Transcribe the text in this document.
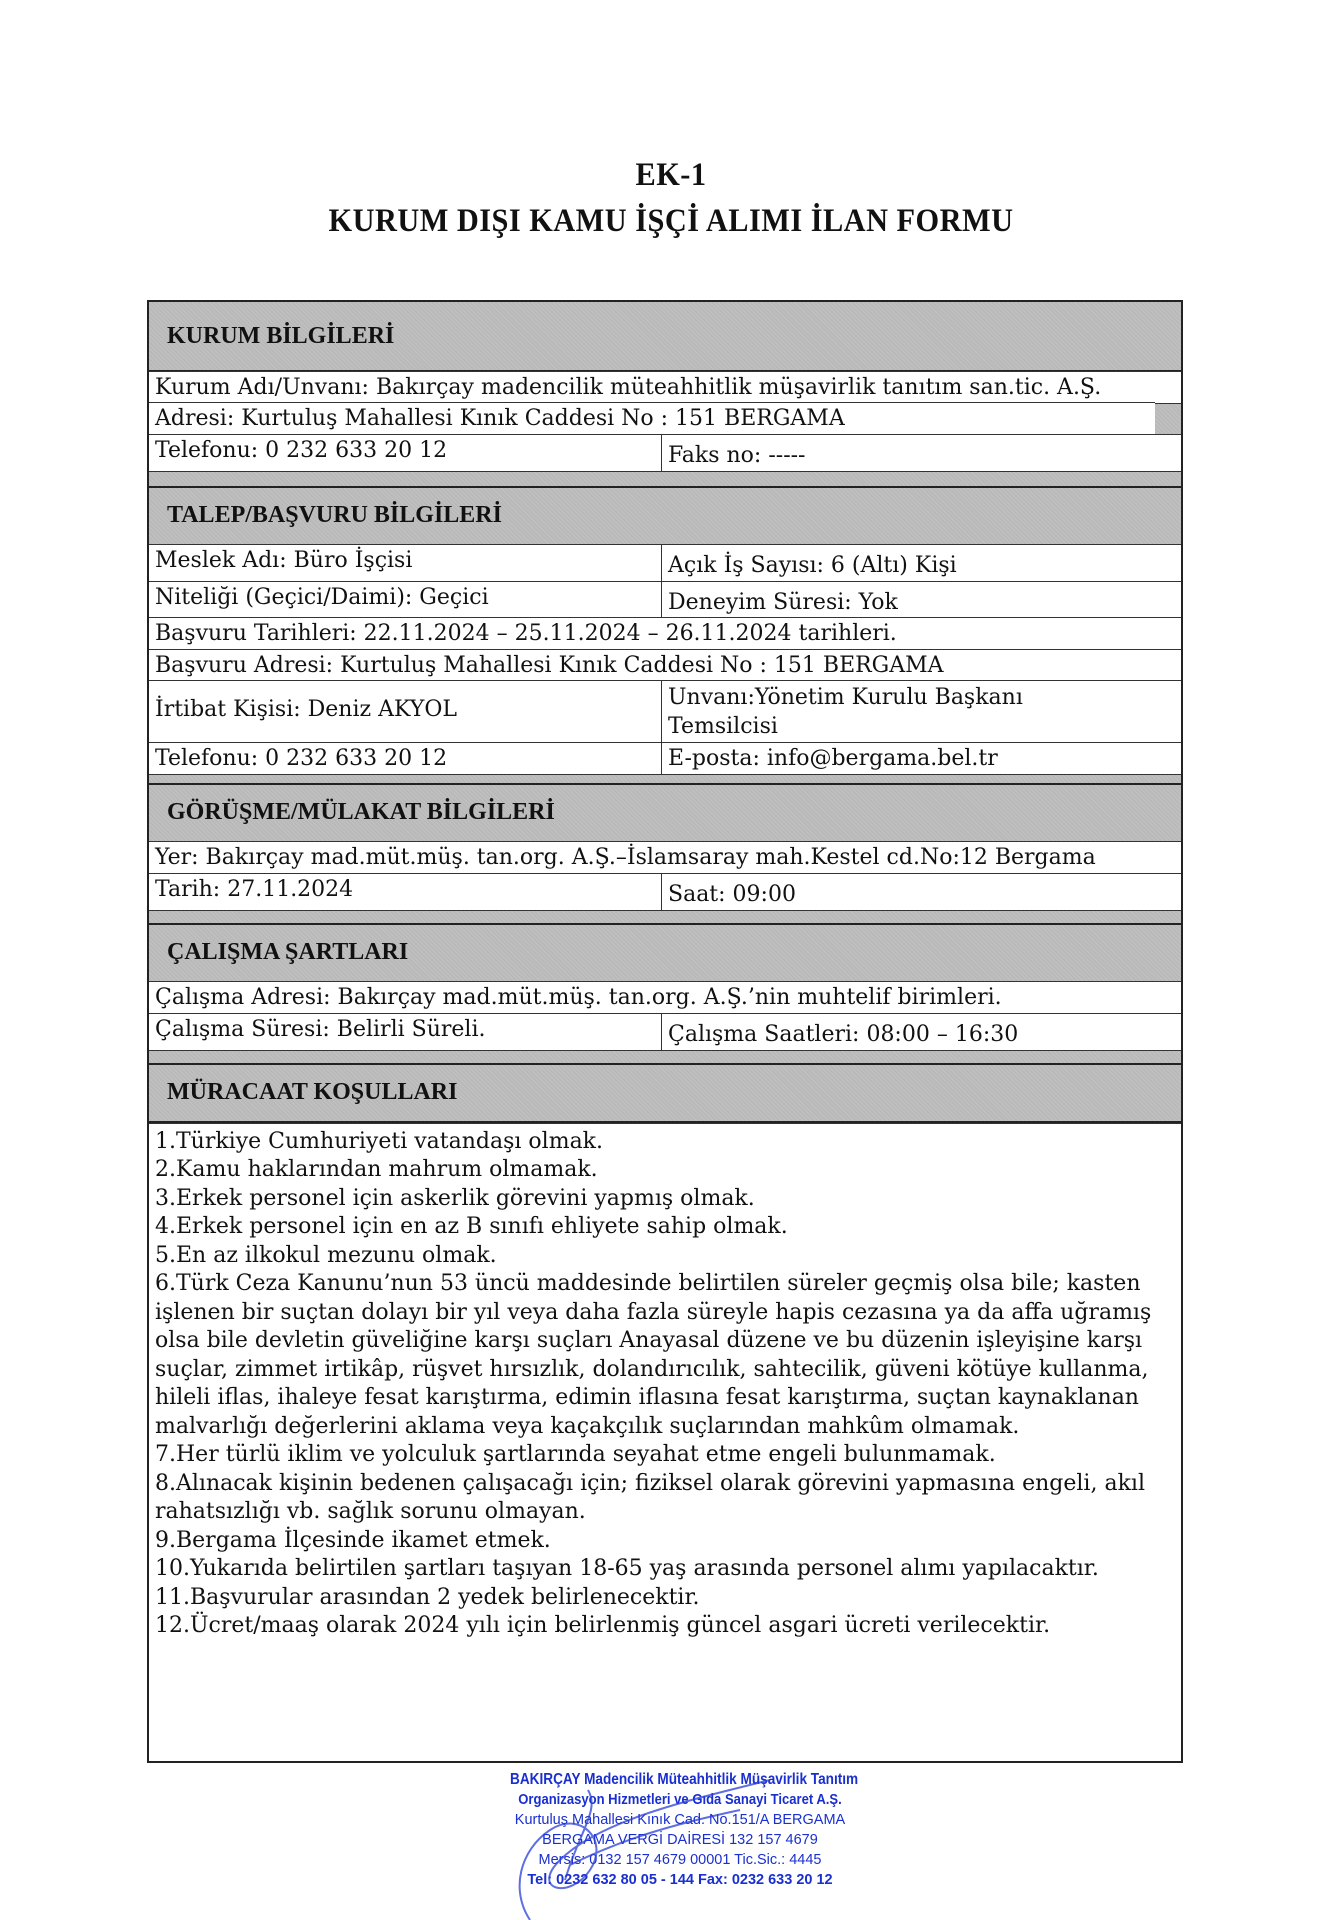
EK-1
KURUM DIŞI KAMU İŞÇİ ALIMI İLAN FORMU
KURUM BİLGİLERİ
Kurum Adı/Unvanı: Bakırçay madencilik müteahhitlik müşavirlik tanıtım san.tic. A.Ş.
Adresi: Kurtuluş Mahallesi Kınık Caddesi No : 151 BERGAMA
Telefonu: 0 232 633 20 12	Faks no: -----
TALEP/BAŞVURU BİLGİLERİ
Meslek Adı: Büro İşçisi	Açık İş Sayısı: 6 (Altı) Kişi
Niteliği (Geçici/Daimi): Geçici	Deneyim Süresi: Yok
Başvuru Tarihleri: 22.11.2024 – 25.11.2024 – 26.11.2024 tarihleri.
Başvuru Adresi: Kurtuluş Mahallesi Kınık Caddesi No : 151 BERGAMA
İrtibat Kişisi: Deniz AKYOL	Unvanı:Yönetim Kurulu Başkanı Temsilcisi
Telefonu: 0 232 633 20 12	E-posta: info@bergama.bel.tr
GÖRÜŞME/MÜLAKAT BİLGİLERİ
Yer: Bakırçay mad.müt.müş. tan.org. A.Ş.–İslamsaray mah.Kestel cd.No:12 Bergama
Tarih: 27.11.2024	Saat: 09:00
ÇALIŞMA ŞARTLARI
Çalışma Adresi: Bakırçay mad.müt.müş. tan.org. A.Ş.’nin muhtelif birimleri.
Çalışma Süresi: Belirli Süreli.	Çalışma Saatleri: 08:00 – 16:30
MÜRACAAT KOŞULLARI

1.Türkiye Cumhuriyeti vatandaşı olmak.

2.Kamu haklarından mahrum olmamak.

3.Erkek personel için askerlik görevini yapmış olmak.

4.Erkek personel için en az B sınıfı ehliyete sahip olmak.

5.En az ilkokul mezunu olmak.

6.Türk Ceza Kanunu’nun 53 üncü maddesinde belirtilen süreler geçmiş olsa bile; kasten işlenen bir suçtan dolayı bir yıl veya daha fazla süreyle hapis cezasına ya da affa uğramış olsa bile devletin güveliğine karşı suçları Anayasal düzene ve bu düzenin işleyişine karşı suçlar, zimmet irtikâp, rüşvet hırsızlık, dolandırıcılık, sahtecilik, güveni kötüye kullanma, hileli iflas, ihaleye fesat karıştırma, edimin iflasına fesat karıştırma, suçtan kaynaklanan malvarlığı değerlerini aklama veya kaçakçılık suçlarından mahkûm olmamak.

7.Her türlü iklim ve yolculuk şartlarında seyahat etme engeli bulunmamak.

8.Alınacak kişinin bedenen çalışacağı için; fiziksel olarak görevini yapmasına engeli, akıl rahatsızlığı vb. sağlık sorunu olmayan.

9.Bergama İlçesinde ikamet etmek.

10.Yukarıda belirtilen şartları taşıyan 18-65 yaş arasında personel alımı yapılacaktır.

11.Başvurular arasından 2 yedek belirlenecektir.

12.Ücret/maaş olarak 2024 yılı için belirlenmiş güncel asgari ücreti verilecektir.

BAKIRÇAY Madencilik Müteahhitlik Müşavirlik Tanıtım
Organizasyon Hizmetleri ve Gıda Sanayi Ticaret A.Ş.
Kurtuluş Mahallesi Kınık Cad. No.151/A BERGAMA
BERGAMA VERGİ DAİRESİ 132 157 4679
Mersis: 0132 157 4679 00001 Tic.Sic.: 4445
Tel: 0232 632 80 05 - 144 Fax: 0232 633 20 12
